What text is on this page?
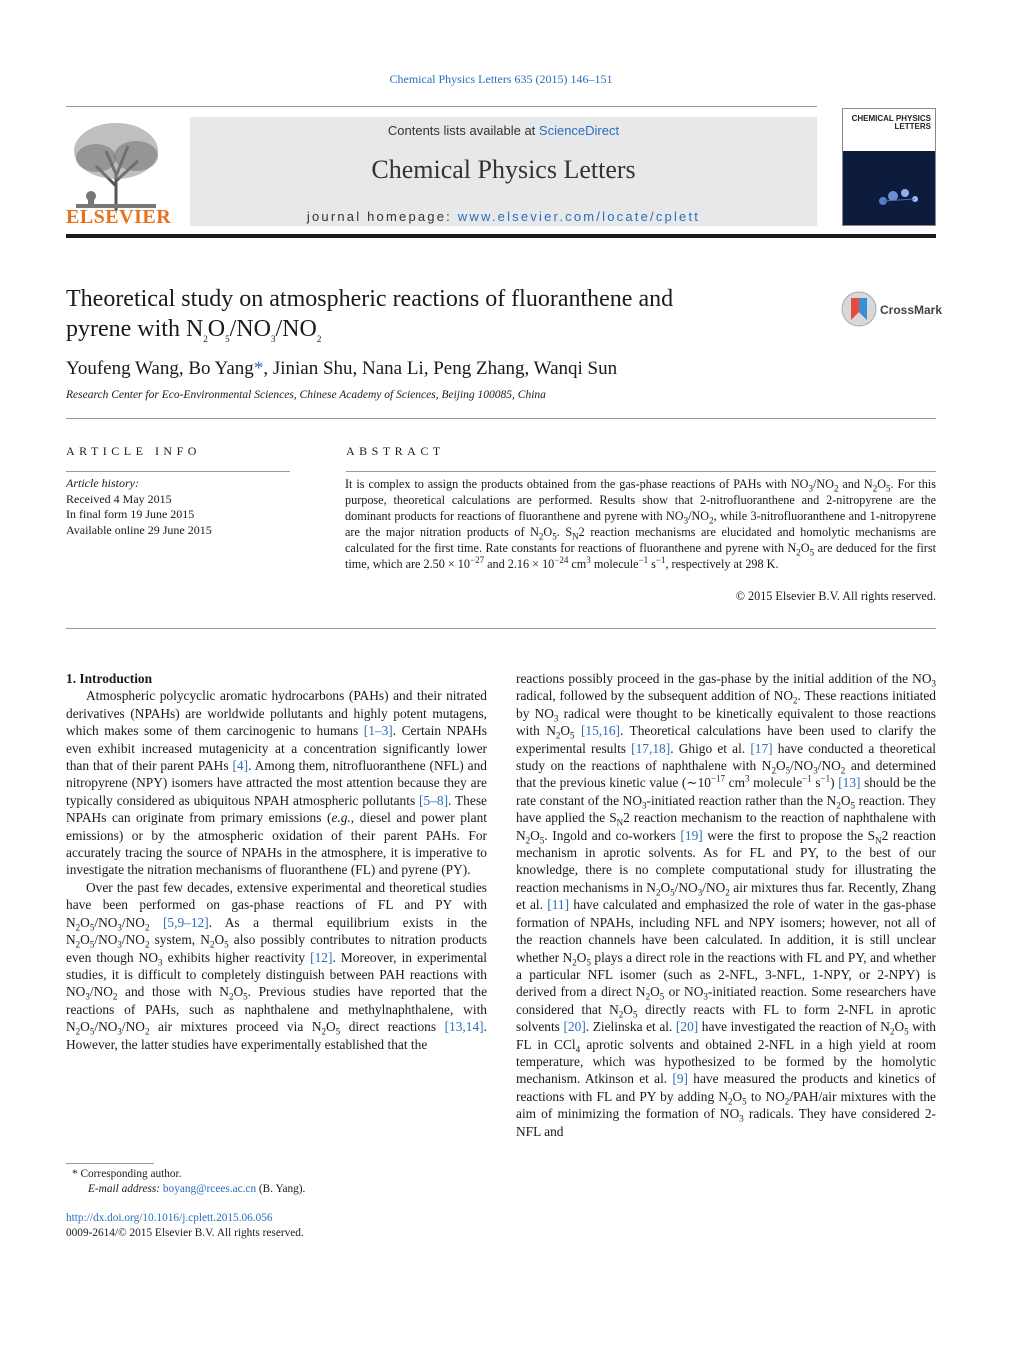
Chemical Physics Letters 635 (2015) 146–151
ELSEVIER
Contents lists available at ScienceDirect
Chemical Physics Letters
journal homepage: www.elsevier.com/locate/cplett
CHEMICAL PHYSICS LETTERS
Theoretical study on atmospheric reactions of fluoranthene and
pyrene with $N_2O_5/NO_3/NO_2$
CrossMark
Youfeng Wang, Bo Yang*, Jinian Shu, Nana Li, Peng Zhang, Wanqi Sun
Research Center for Eco-Environmental Sciences, Chinese Academy of Sciences, Beijing 100085, China
ARTICLE INFO	ABSTRACT
Article history:
Received 4 May 2015
In final form 19 June 2015
Available online 29 June 2015
It is complex to assign the products obtained from the gas-phase reactions of PAHs with $NO_3/NO_2$ and $N_2O_5$. For this purpose, theoretical calculations are performed. Results show that 2-nitrofluoranthene and 2-nitropyrene are the dominant products for reactions of fluoranthene and pyrene with $NO_3/NO_2$, while 3-nitrofluoranthene and 1-nitropyrene are the major nitration products of $N_2O_5$. $S_N2$ reaction mechanisms are elucidated and homolytic mechanisms are calculated for the first time. Rate constants for reactions of fluoranthene and pyrene with $N_2O_5$ are deduced for the first time, which are $2.50 \times 10^{-27}$ and $2.16 \times 10^{-24}$ $cm^3$ molecule$^{-1}$ $s^{-1}$, respectively at 298 K.
© 2015 Elsevier B.V. All rights reserved.

1. Introduction

Atmospheric polycyclic aromatic hydrocarbons (PAHs) and their nitrated derivatives (NPAHs) are worldwide pollutants and highly potent mutagens, which makes some of them carcinogenic to humans [1–3]. Certain NPAHs even exhibit increased mutagenicity at a concentration significantly lower than that of their parent PAHs [4]. Among them, nitrofluoranthene (NFL) and nitropyrene (NPY) isomers have attracted the most attention because they are typically considered as ubiquitous NPAH atmospheric pollutants [5–8]. These NPAHs can originate from primary emissions (e.g., diesel and power plant emissions) or by the atmospheric oxidation of their parent PAHs. For accurately tracing the source of NPAHs in the atmosphere, it is imperative to investigate the nitration mechanisms of fluoranthene (FL) and pyrene (PY).

Over the past few decades, extensive experimental and theoretical studies have been performed on gas-phase reactions of FL and PY with $N_2O_5/NO_3/NO_2$ [5,9–12]. As a thermal equilibrium exists in the $N_2O_5/NO_3/NO_2$ system, $N_2O_5$ also possibly contributes to nitration products even though $NO_3$ exhibits higher reactivity [12]. Moreover, in experimental studies, it is difficult to completely distinguish between PAH reactions with $NO_3/NO_2$ and those with $N_2O_5$. Previous studies have reported that the reactions of PAHs, such as naphthalene and methylnaphthalene, with $N_2O_5/NO_3/NO_2$ air mixtures proceed via $N_2O_5$ direct reactions [13,14]. However, the latter studies have experimentally established that the

reactions possibly proceed in the gas-phase by the initial addition of the $NO_3$ radical, followed by the subsequent addition of $NO_2$. These reactions initiated by $NO_3$ radical were thought to be kinetically equivalent to those reactions with $N_2O_5$ [15,16]. Theoretical calculations have been used to clarify the experimental results [17,18]. Ghigo et al. [17] have conducted a theoretical study on the reactions of naphthalene with $N_2O_5/NO_3/NO_2$ and determined that the previous kinetic value ($\sim 10^{-17}$ $cm^3$ molecule$^{-1}$ $s^{-1}$) [13] should be the rate constant of the $NO_3$-initiated reaction rather than the $N_2O_5$ reaction. They have applied the $S_N2$ reaction mechanism to the reaction of naphthalene with $N_2O_5$. Ingold and co-workers [19] were the first to propose the $S_N2$ reaction mechanism in aprotic solvents. As for FL and PY, to the best of our knowledge, there is no complete computational study for illustrating the reaction mechanisms in $N_2O_5/NO_3/NO_2$ air mixtures thus far. Recently, Zhang et al. [11] have calculated and emphasized the role of water in the gas-phase formation of NPAHs, including NFL and NPY isomers; however, not all of the reaction channels have been calculated. In addition, it is still unclear whether $N_2O_5$ plays a direct role in the reactions with FL and PY, and whether a particular NFL isomer (such as 2-NFL, 3-NFL, 1-NPY, or 2-NPY) is derived from a direct $N_2O_5$ or $NO_3$-initiated reaction. Some researchers have considered that $N_2O_5$ directly reacts with FL to form 2-NFL in aprotic solvents [20]. Zielinska et al. [20] have investigated the reaction of $N_2O_5$ with FL in CCl$_4$ aprotic solvents and obtained 2-NFL in a high yield at room temperature, which was hypothesized to be formed by the homolytic mechanism. Atkinson et al. [9] have measured the products and kinetics of reactions with FL and PY by adding $N_2O_5$ to $NO_2/PAH$/air mixtures with the aim of minimizing the formation of $NO_3$ radicals. They have considered 2-NFL and

* Corresponding author.
E-mail address: boyang@rcees.ac.cn (B. Yang).
http://dx.doi.org/10.1016/j.cplett.2015.06.056
0009-2614/© 2015 Elsevier B.V. All rights reserved.
